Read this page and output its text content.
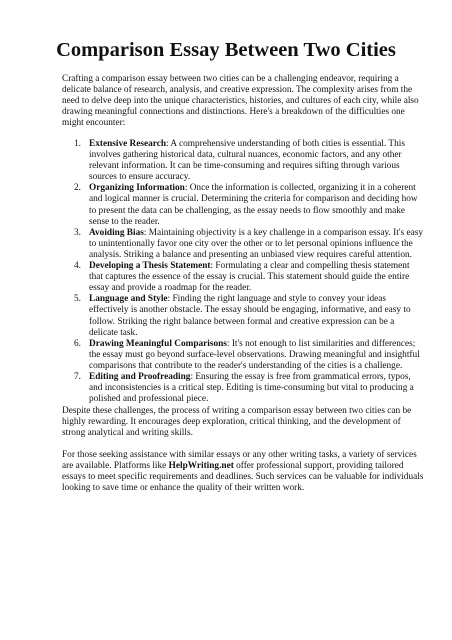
Comparison Essay Between Two Cities

Crafting a comparison essay between two cities can be a challenging endeavor, requiring a delicate balance of research, analysis, and creative expression. The complexity arises from the need to delve deep into the unique characteristics, histories, and cultures of each city, while also drawing meaningful connections and distinctions. Here's a breakdown of the difficulties one might encounter:

1. Extensive Research: A comprehensive understanding of both cities is essential. This involves gathering historical data, cultural nuances, economic factors, and any other relevant information. It can be time-consuming and requires sifting through various sources to ensure accuracy.
2. Organizing Information: Once the information is collected, organizing it in a coherent and logical manner is crucial. Determining the criteria for comparison and deciding how to present the data can be challenging, as the essay needs to flow smoothly and make sense to the reader.
3. Avoiding Bias: Maintaining objectivity is a key challenge in a comparison essay. It's easy to unintentionally favor one city over the other or to let personal opinions influence the analysis. Striking a balance and presenting an unbiased view requires careful attention.
4. Developing a Thesis Statement: Formulating a clear and compelling thesis statement that captures the essence of the essay is crucial. This statement should guide the entire essay and provide a roadmap for the reader.
5. Language and Style: Finding the right language and style to convey your ideas effectively is another obstacle. The essay should be engaging, informative, and easy to follow. Striking the right balance between formal and creative expression can be a delicate task.
6. Drawing Meaningful Comparisons: It's not enough to list similarities and differences; the essay must go beyond surface-level observations. Drawing meaningful and insightful comparisons that contribute to the reader's understanding of the cities is a challenge.
7. Editing and Proofreading: Ensuring the essay is free from grammatical errors, typos, and inconsistencies is a critical step. Editing is time-consuming but vital to producing a polished and professional piece.

Despite these challenges, the process of writing a comparison essay between two cities can be highly rewarding. It encourages deep exploration, critical thinking, and the development of strong analytical and writing skills.

For those seeking assistance with similar essays or any other writing tasks, a variety of services are available. Platforms like HelpWriting.net offer professional support, providing tailored essays to meet specific requirements and deadlines. Such services can be valuable for individuals looking to save time or enhance the quality of their written work.
